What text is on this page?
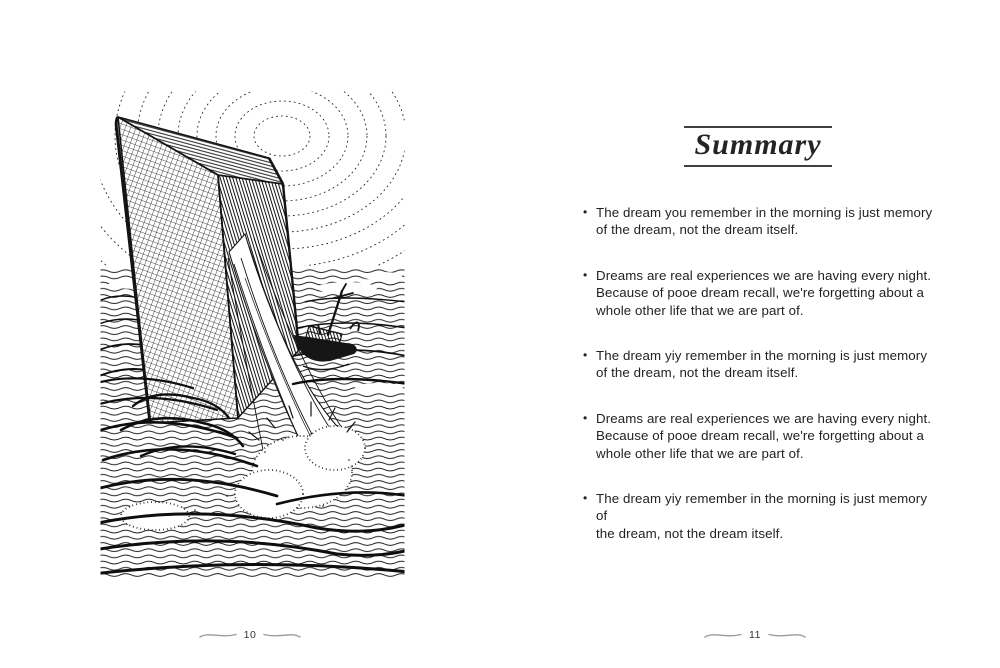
10
Summary
• The dream you remember in the morning is just memory
of the dream, not the dream itself.
• Dreams are real experiences we are having every night.
Because of pooe dream recall, we're forgetting about a
whole other life that we are part of.
• The dream yiy remember in the morning is just memory
of the dream, not the dream itself.
• Dreams are real experiences we are having every night.
Because of pooe dream recall, we're forgetting about a
whole other life that we are part of.
• The dream yiy remember in the morning is just memory of
the dream, not the dream itself.
11
